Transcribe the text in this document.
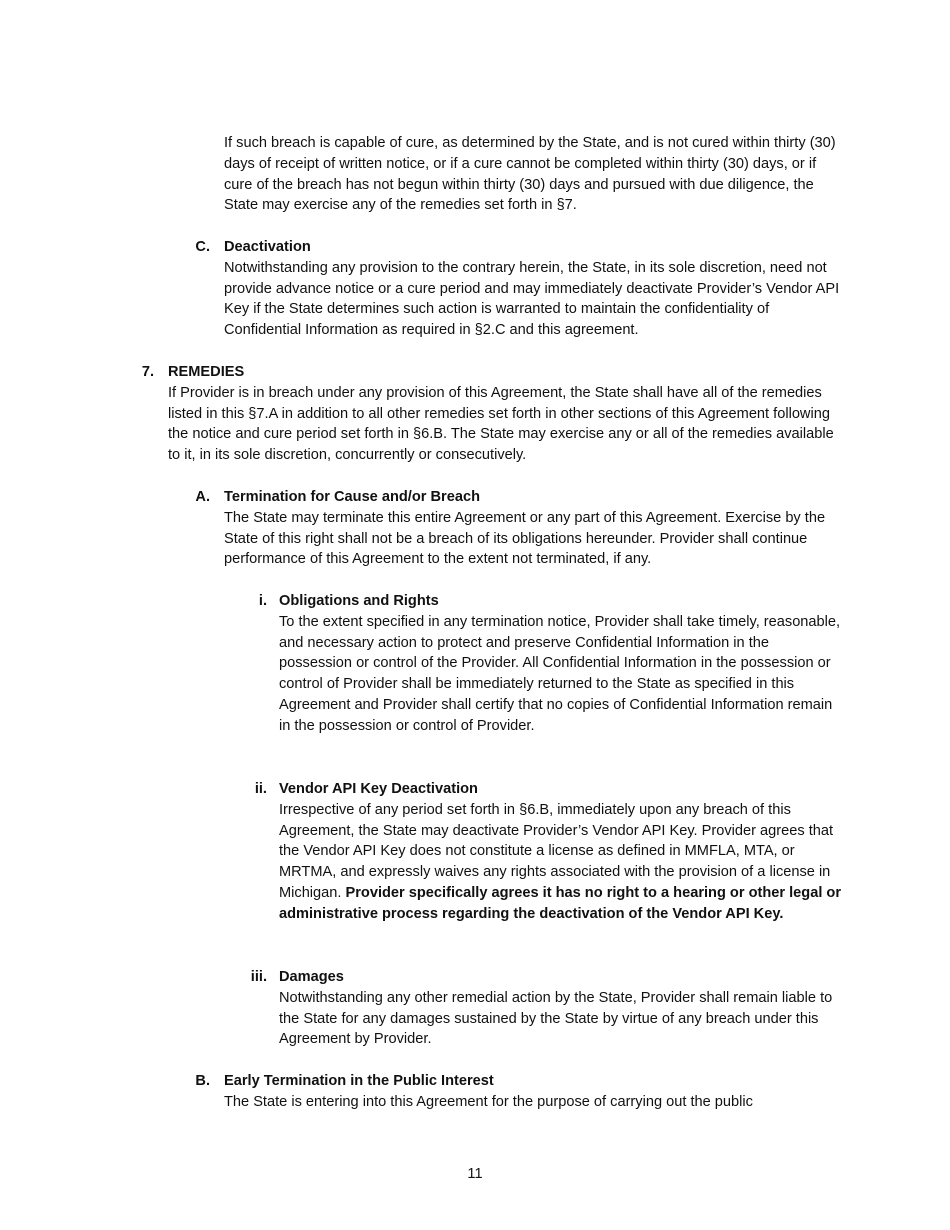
If such breach is capable of cure, as determined by the State, and is not cured within thirty (30) days of receipt of written notice, or if a cure cannot be completed within thirty (30) days, or if cure of the breach has not begun within thirty (30) days and pursued with due diligence, the State may exercise any of the remedies set forth in §7.

C. Deactivation

Notwithstanding any provision to the contrary herein, the State, in its sole discretion, need not provide advance notice or a cure period and may immediately deactivate Provider’s Vendor API Key if the State determines such action is warranted to maintain the confidentiality of Confidential Information as required in §2.C and this agreement.

7. REMEDIES

If Provider is in breach under any provision of this Agreement, the State shall have all of the remedies listed in this §7.A in addition to all other remedies set forth in other sections of this Agreement following the notice and cure period set forth in §6.B. The State may exercise any or all of the remedies available to it, in its sole discretion, concurrently or consecutively.

A. Termination for Cause and/or Breach

The State may terminate this entire Agreement or any part of this Agreement. Exercise by the State of this right shall not be a breach of its obligations hereunder. Provider shall continue performance of this Agreement to the extent not terminated, if any.

i. Obligations and Rights

To the extent specified in any termination notice, Provider shall take timely, reasonable, and necessary action to protect and preserve Confidential Information in the possession or control of the Provider. All Confidential Information in the possession or control of Provider shall be immediately returned to the State as specified in this Agreement and Provider shall certify that no copies of Confidential Information remain in the possession or control of Provider.

ii. Vendor API Key Deactivation

Irrespective of any period set forth in §6.B, immediately upon any breach of this Agreement, the State may deactivate Provider’s Vendor API Key. Provider agrees that the Vendor API Key does not constitute a license as defined in MMFLA, MTA, or MRTMA, and expressly waives any rights associated with the provision of a license in Michigan. Provider specifically agrees it has no right to a hearing or other legal or administrative process regarding the deactivation of the Vendor API Key.

iii. Damages

Notwithstanding any other remedial action by the State, Provider shall remain liable to the State for any damages sustained by the State by virtue of any breach under this Agreement by Provider.

B. Early Termination in the Public Interest

The State is entering into this Agreement for the purpose of carrying out the public

11
